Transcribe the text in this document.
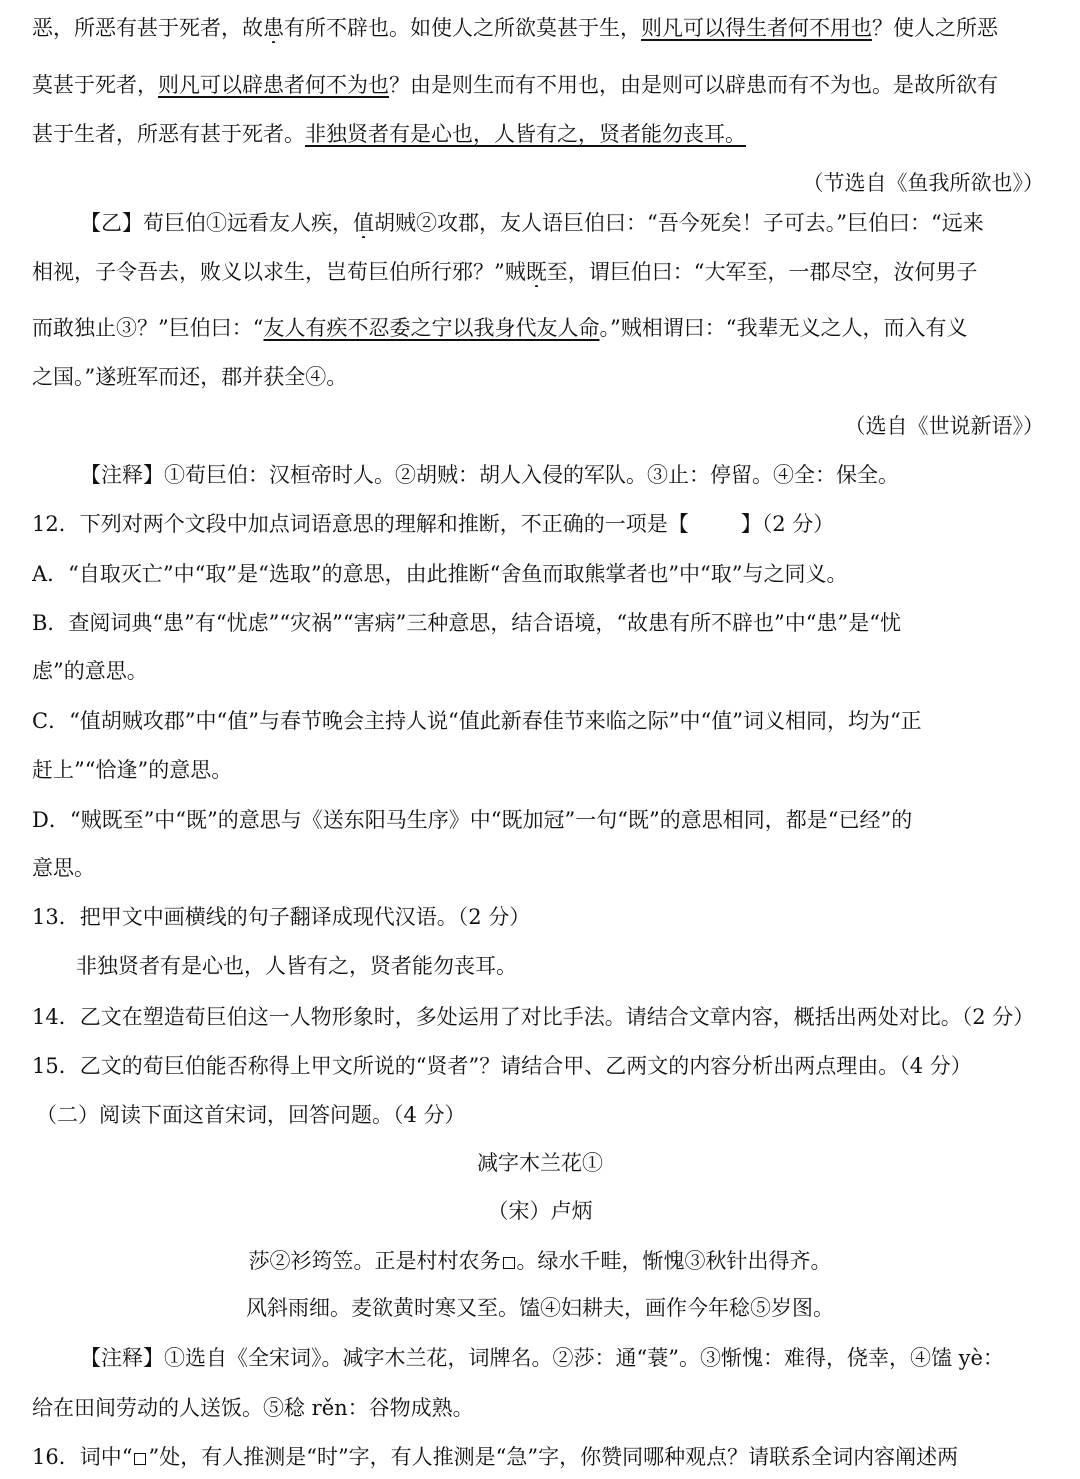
恶，所恶有甚于死者，故患有所不辟也。如使人之所欲莫甚于生，则凡可以得生者何不用也？使人之所恶
莫甚于死者，则凡可以辟患者何不为也？由是则生而有不用也，由是则可以辟患而有不为也。是故所欲有
甚于生者，所恶有甚于死者。非独贤者有是心也，人皆有之，贤者能勿丧耳。
（节选自《鱼我所欲也》）
【乙】荀巨伯①远看友人疾，值胡贼②攻郡，友人语巨伯曰：“吾今死矣！子可去。”巨伯曰：“远来
相视，子令吾去，败义以求生，岂荀巨伯所行邪？”贼既至，谓巨伯曰：“大军至，一郡尽空，汝何男子
而敢独止③？”巨伯曰：“友人有疾不忍委之宁以我身代友人命。”贼相谓曰：“我辈无义之人，而入有义
之国。”遂班军而还，郡并获全④。
（选自《世说新语》）
【注释】①荀巨伯：汉桓帝时人。②胡贼：胡人入侵的军队。③止：停留。④全：保全。
12．下列对两个文段中加点词语意思的理解和推断，不正确的一项是【 】（2 分）
A．“自取灭亡”中“取”是“选取”的意思，由此推断“舍鱼而取熊掌者也”中“取”与之同义。
B．查阅词典“患”有“忧虑”“灾祸”“害病”三种意思，结合语境，“故患有所不辟也”中“患”是“忧
虑”的意思。
C．“值胡贼攻郡”中“值”与春节晚会主持人说“值此新春佳节来临之际”中“值”词义相同，均为“正
赶上”“恰逢”的意思。
D．“贼既至”中“既”的意思与《送东阳马生序》中“既加冠”一句“既”的意思相同，都是“已经”的
意思。
13．把甲文中画横线的句子翻译成现代汉语。（2 分）
非独贤者有是心也，人皆有之，贤者能勿丧耳。
14．乙文在塑造荀巨伯这一人物形象时，多处运用了对比手法。请结合文章内容，概括出两处对比。（2 分）
15．乙文的荀巨伯能否称得上甲文所说的“贤者”？请结合甲、乙两文的内容分析出两点理由。（4 分）
（二）阅读下面这首宋词，回答问题。（4 分）
减字木兰花①
（宋）卢炳
莎②衫筠笠。正是村村农务 。绿水千畦，惭愧③秋针出得齐。
风斜雨细。麦欲黄时寒又至。馌④妇耕夫，画作今年稔⑤岁图。
【注释】①选自《全宋词》。减字木兰花，词牌名。②莎：通“蓑”。③惭愧：难得，侥幸，④馌 yè：
给在田间劳动的人送饭。⑤稔 rěn：谷物成熟。
16．词中“ ”处，有人推测是“时”字，有人推测是“急”字，你赞同哪种观点？请联系全词内容阐述两
